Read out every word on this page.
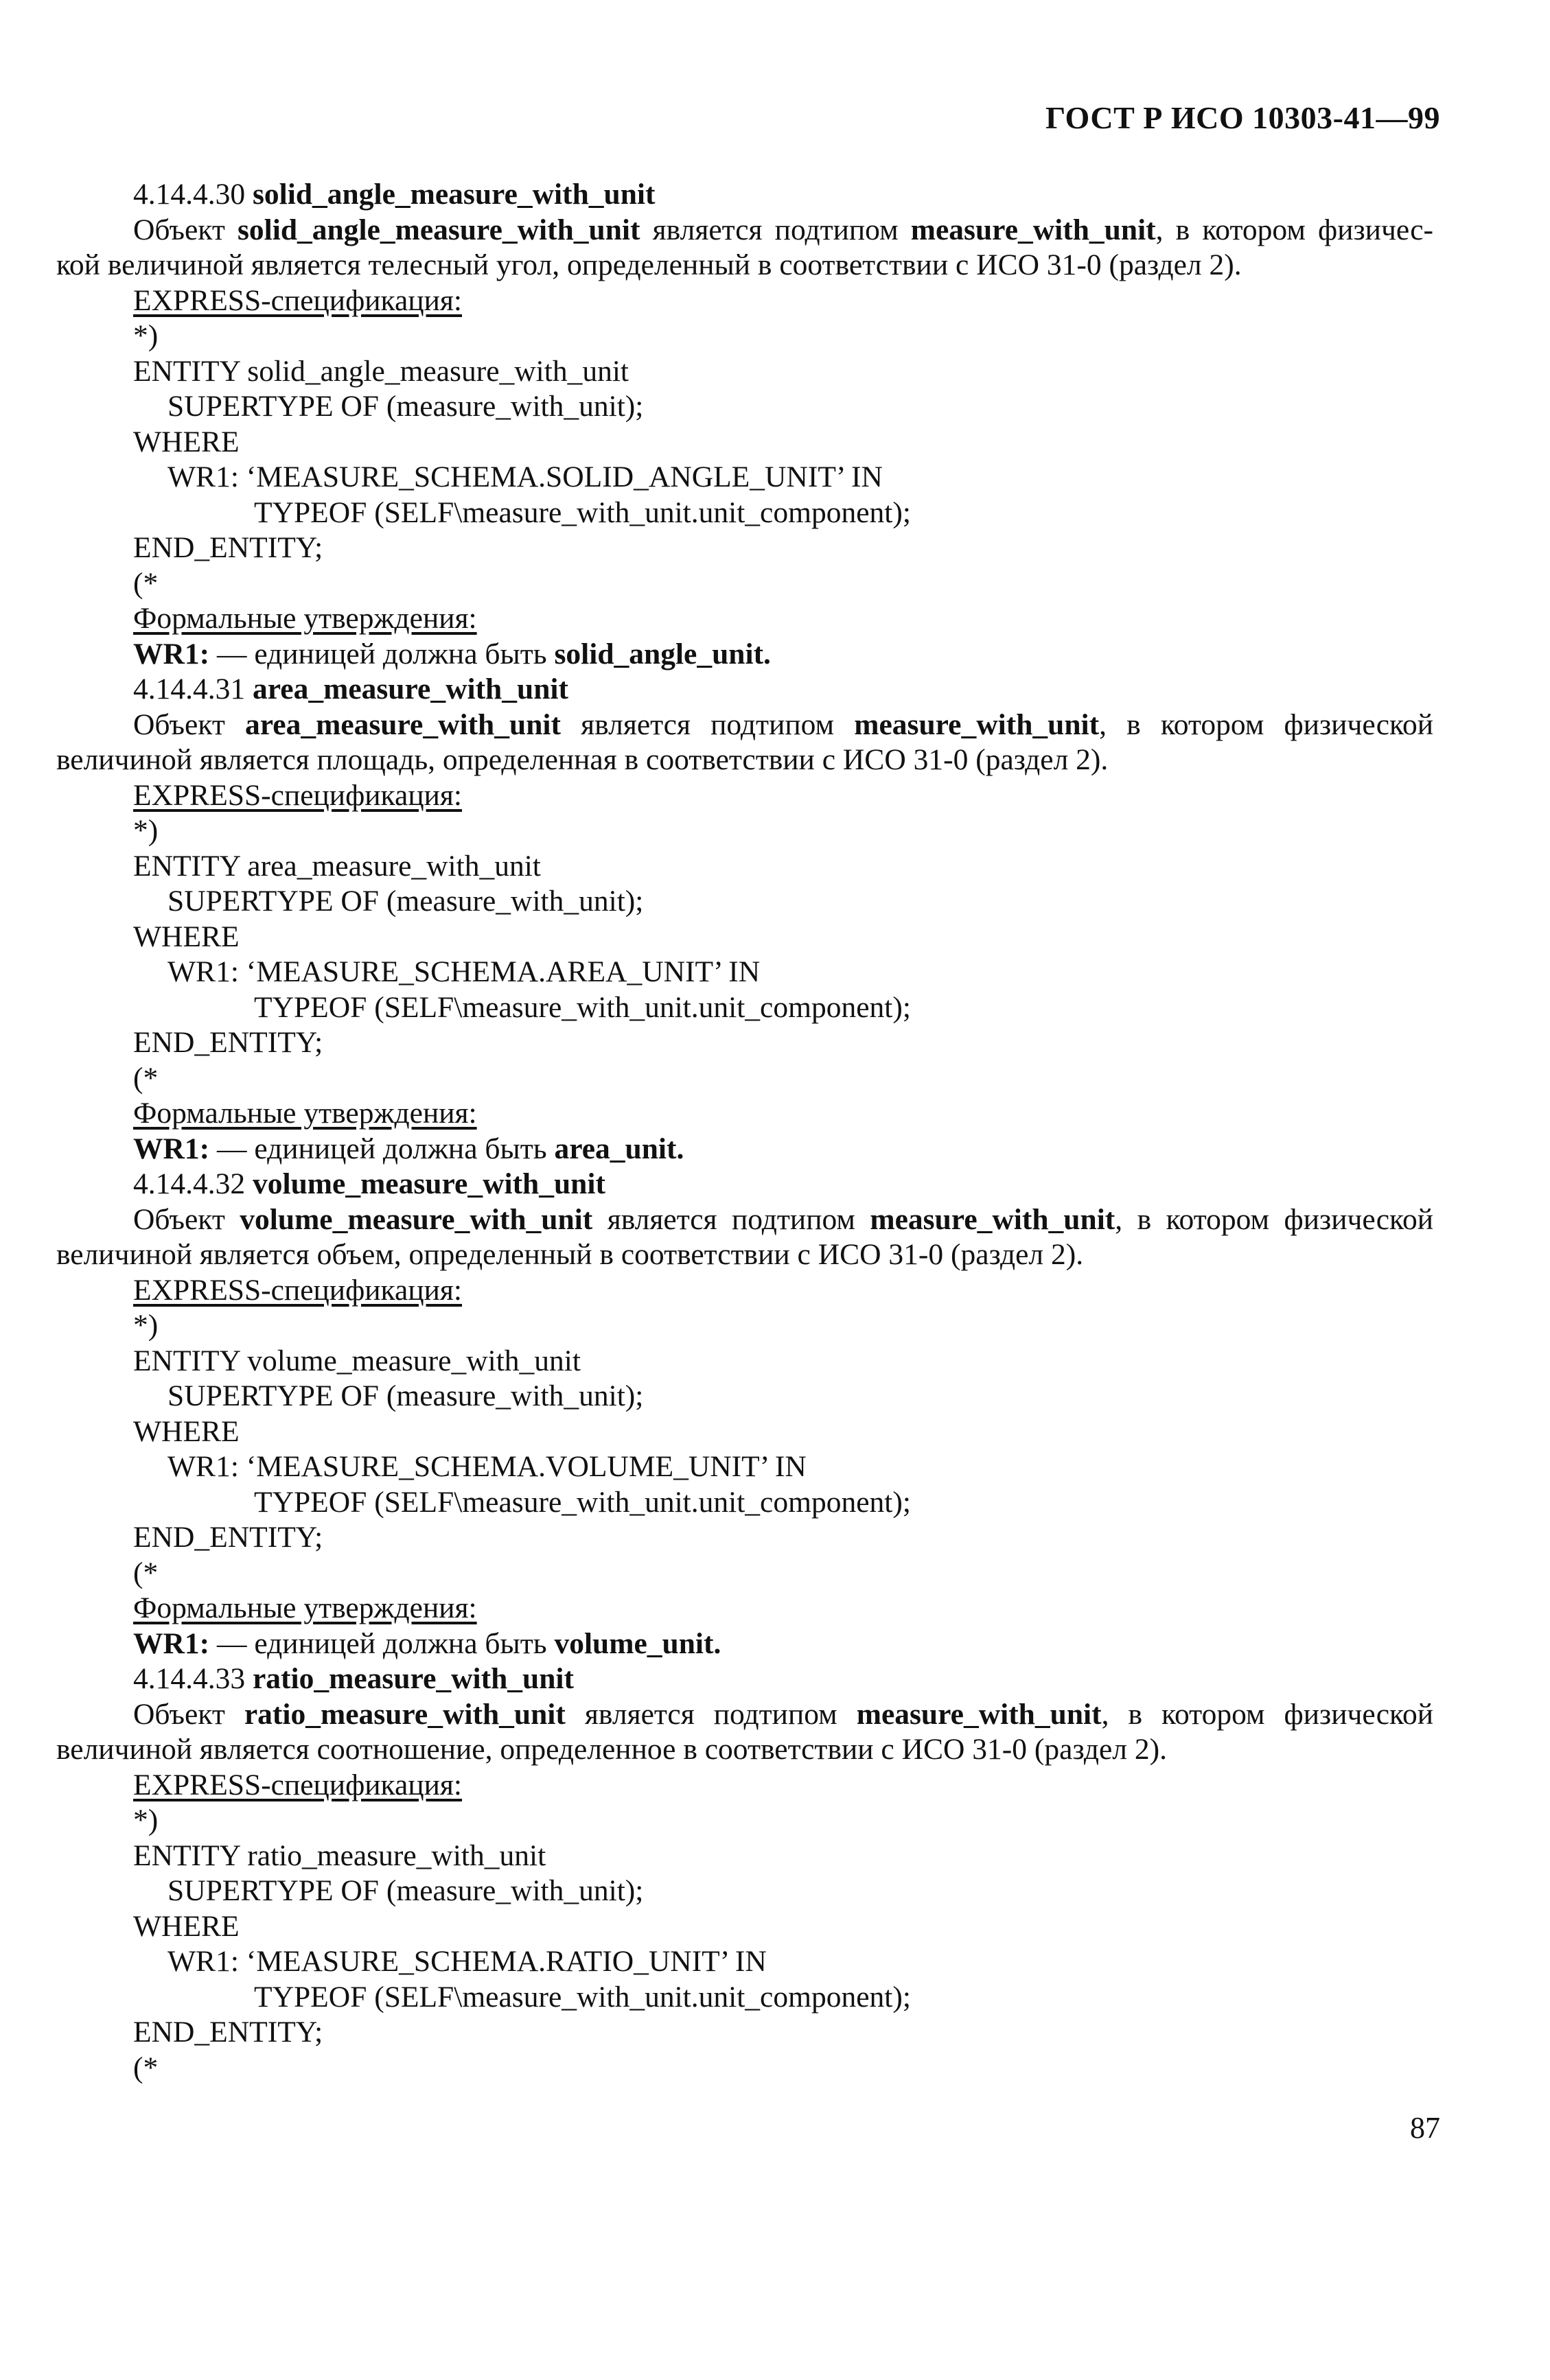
ГОСТ Р ИСО 10303-41—99
4.14.4.30 solid_angle_measure_with_unit
Объект solid_angle_measure_with_unit является подтипом measure_with_unit, в котором физичес-кой величиной является телесный угол, определенный в соответствии с ИСО 31-0 (раздел 2).
EXPRESS-спецификация:
*)
ENTITY solid_angle_measure_with_unit
SUPERTYPE OF (measure_with_unit);
WHERE
WR1: ‘MEASURE_SCHEMA.SOLID_ANGLE_UNIT’ IN
TYPEOF (SELF\measure_with_unit.unit_component);
END_ENTITY;
(*
Формальные утверждения:
WR1: — единицей должна быть solid_angle_unit.
4.14.4.31 area_measure_with_unit
Объект area_measure_with_unit является подтипом measure_with_unit, в котором физической величиной является площадь, определенная в соответствии с ИСО 31-0 (раздел 2).
EXPRESS-спецификация:
*)
ENTITY area_measure_with_unit
SUPERTYPE OF (measure_with_unit);
WHERE
WR1: ‘MEASURE_SCHEMA.AREA_UNIT’ IN
TYPEOF (SELF\measure_with_unit.unit_component);
END_ENTITY;
(*
Формальные утверждения:
WR1: — единицей должна быть area_unit.
4.14.4.32 volume_measure_with_unit
Объект volume_measure_with_unit является подтипом measure_with_unit, в котором физической величиной является объем, определенный в соответствии с ИСО 31-0 (раздел 2).
EXPRESS-спецификация:
*)
ENTITY volume_measure_with_unit
SUPERTYPE OF (measure_with_unit);
WHERE
WR1: ‘MEASURE_SCHEMA.VOLUME_UNIT’ IN
TYPEOF (SELF\measure_with_unit.unit_component);
END_ENTITY;
(*
Формальные утверждения:
WR1: — единицей должна быть volume_unit.
4.14.4.33 ratio_measure_with_unit
Объект ratio_measure_with_unit является подтипом measure_with_unit, в котором физической величиной является соотношение, определенное в соответствии с ИСО 31-0 (раздел 2).
EXPRESS-спецификация:
*)
ENTITY ratio_measure_with_unit
SUPERTYPE OF (measure_with_unit);
WHERE
WR1: ‘MEASURE_SCHEMA.RATIO_UNIT’ IN
TYPEOF (SELF\measure_with_unit.unit_component);
END_ENTITY;
(*
87
